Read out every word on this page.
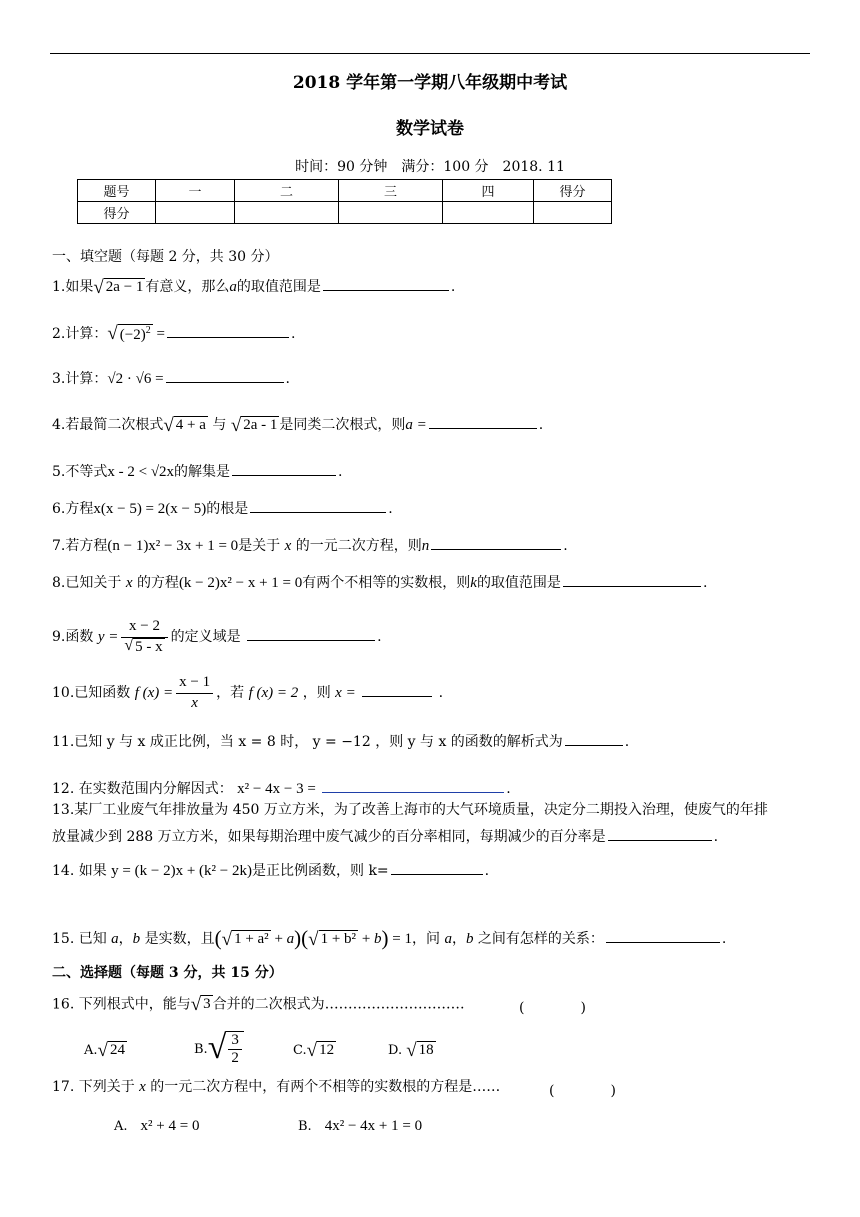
2018 学年第一学期八年级期中考试
数学试卷
时间：90 分钟　满分：100 分　2018. 11
题号	一	二	三	四	得分
得分					
一、填空题（每题 2 分，共 30 分）
1.如果 √ 2a − 1 有意义，那么a的取值范围是	.
2.计算： √ $(-2)^2$ =	.
3.计算：√2 · √6 =	.
4.若最简二次根式 √ 4 + a 与 √ 2a - 1 是同类二次根式，则a =	.
5.不等式x - 2 < √2x的解集是	.
6.方程x(x − 5) = 2(x − 5)的根是	.
7.若方程(n − 1)x² − 3x + 1 = 0是关于 x 的一元二次方程，则n	.
8.已知关于 x 的方程(k − 2)x² − x + 1 = 0有两个不相等的实数根，则k的取值范围是	.
9.函数 $y = \frac{x - 2}{√ 5 - x}$ 的定义域是	.
10.已知函数 f $(x) = \frac{x - 1}{x}$ ，若 f (x) = 2 ，则 x =	.
11.已知 y 与 x 成正比例，当 x = 8 时， y = −12 ，则 y 与 x 的函数的解析式为	.
12. 在实数范围内分解因式： x² − 4x − 3 =	.
13.某厂工业废气年排放量为 450 万立方米，为了改善上海市的大气环境质量，决定分二期投入治理，使废气的年排
放量减少到 288 万立方米，如果每期治理中废气减少的百分率相同，每期减少的百分率是	.
14. 如果 y = (k − 2)x + (k² − 2k)是正比例函数，则 k=	.
15. 已知 a，b 是实数，且( √ 1 + a² + a)( √ 1 + b² + b) = 1，问 a，b 之间有怎样的关系：	.
二、选择题（每题 3 分，共 15 分）
16. 下列根式中，能与 √ 3 合并的二次根式为…………………………	(　　　　)
A. √ 24	B. √ $\frac{3}{2}$	C. √ 12	D. √ 18
17. 下列关于 x 的一元二次方程中，有两个不相等的实数根的方程是……	(　　　　)
A.　 x² + 4 = 0	B.　 4x² − 4x + 1 = 0
